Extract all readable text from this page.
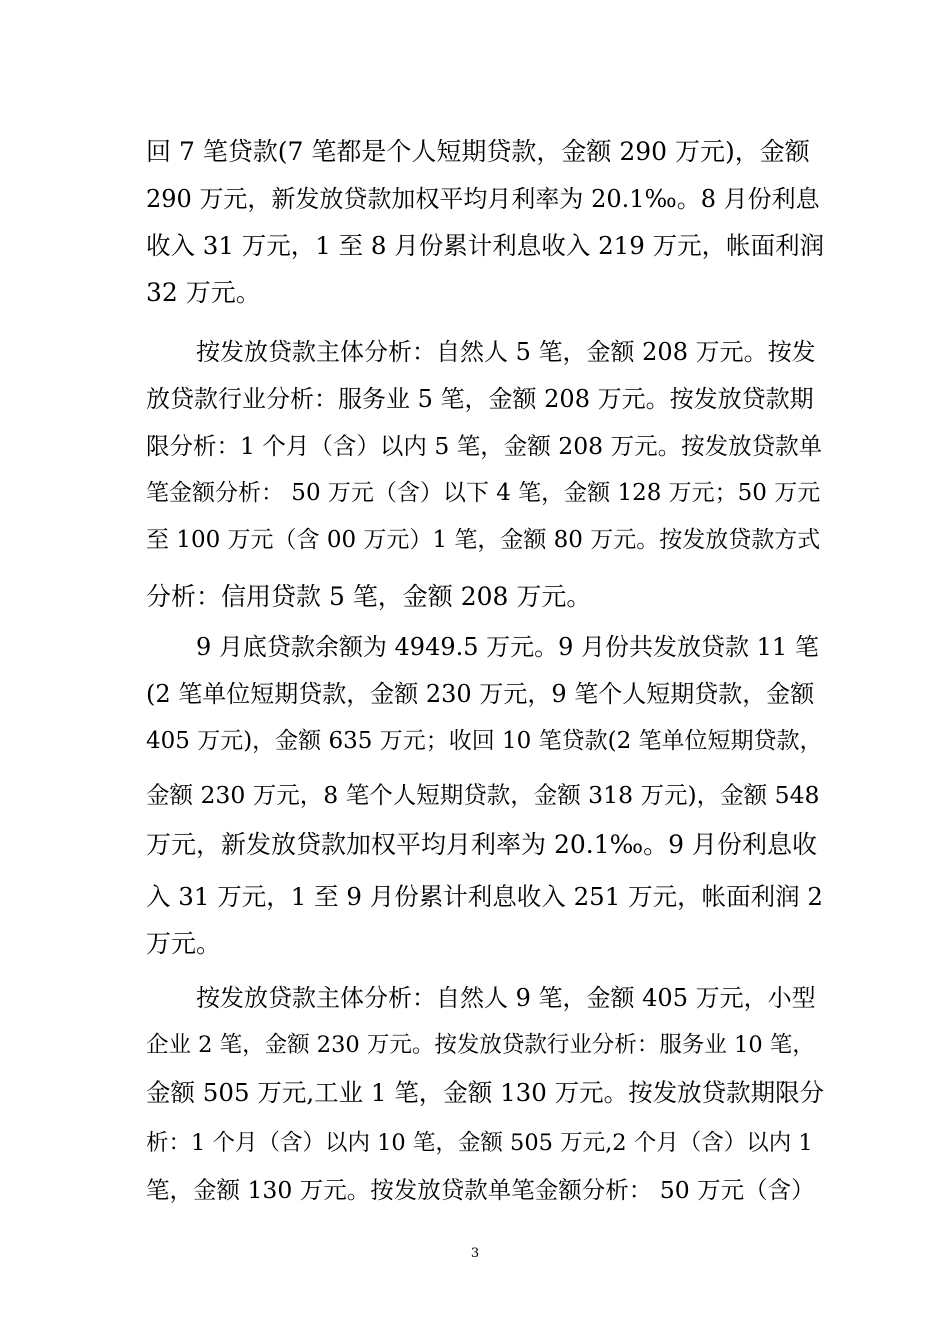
回 7 笔贷款(7 笔都是个人短期贷款，金额 290 万元)，金额
290 万元，新发放贷款加权平均月利率为 20.1‰。8 月份利息
收入 31 万元，1 至 8 月份累计利息收入 219 万元，帐面利润
32 万元。
按发放贷款主体分析：自然人 5 笔，金额 208 万元。按发
放贷款行业分析：服务业 5 笔，金额 208 万元。按发放贷款期
限分析：1 个月（含）以内 5 笔，金额 208 万元。按发放贷款单
笔金额分析： 50 万元（含）以下 4 笔，金额 128 万元；50 万元
至 100 万元（含 00 万元）1 笔，金额 80 万元。按发放贷款方式
分析：信用贷款 5 笔，金额 208 万元。
9 月底贷款余额为 4949.5 万元。9 月份共发放贷款 11 笔
(2 笔单位短期贷款，金额 230 万元，9 笔个人短期贷款，金额
405 万元)，金额 635 万元；收回 10 笔贷款(2 笔单位短期贷款，
金额 230 万元，8 笔个人短期贷款，金额 318 万元)，金额 548
万元，新发放贷款加权平均月利率为 20.1‰。9 月份利息收
入 31 万元，1 至 9 月份累计利息收入 251 万元，帐面利润 2
万元。
按发放贷款主体分析：自然人 9 笔，金额 405 万元，小型
企业 2 笔，金额 230 万元。按发放贷款行业分析：服务业 10 笔，
金额 505 万元,工业 1 笔，金额 130 万元。按发放贷款期限分
析：1 个月（含）以内 10 笔，金额 505 万元,2 个月（含）以内 1
笔，金额 130 万元。按发放贷款单笔金额分析： 50 万元（含）
3
